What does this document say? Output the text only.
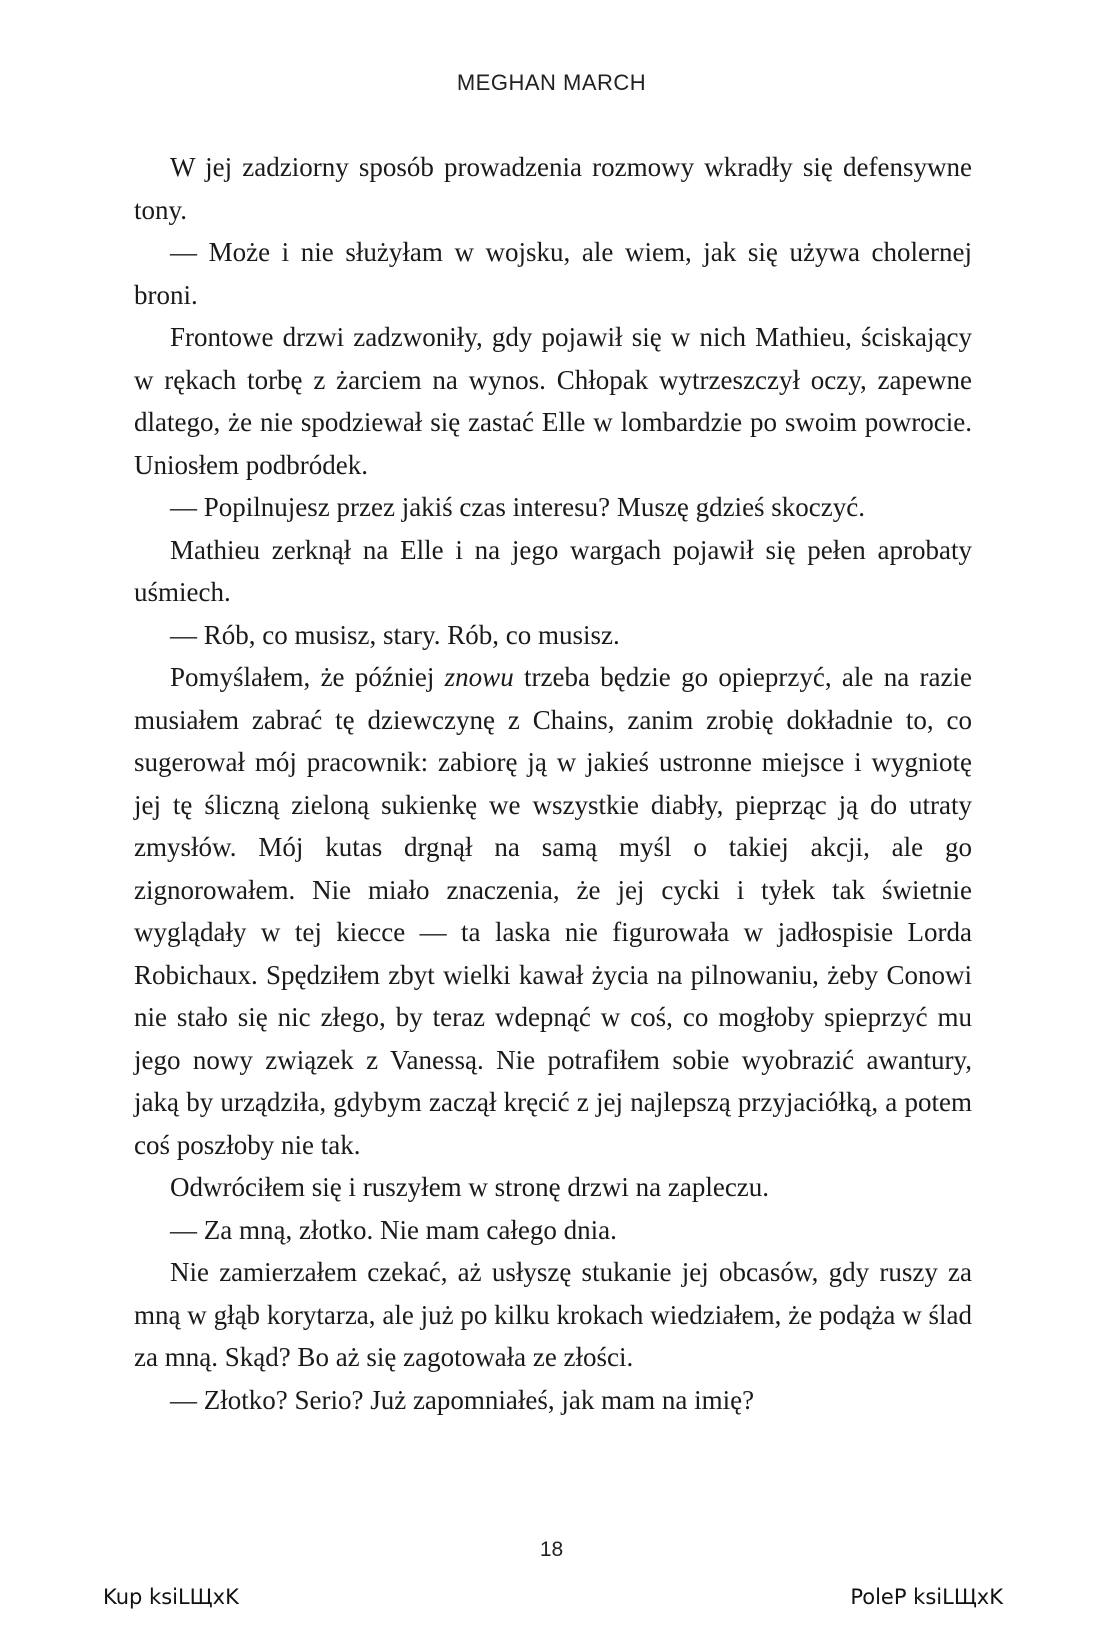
MEGHAN MARCH

W jej zadziorny sposób prowadzenia rozmowy wkradły się defensywne tony.

— Może i nie służyłam w wojsku, ale wiem, jak się używa cholernej broni.

Frontowe drzwi zadzwoniły, gdy pojawił się w nich Mathieu, ściskający w rękach torbę z żarciem na wynos. Chłopak wytrzeszczył oczy, zapewne dlatego, że nie spodziewał się zastać Elle w lombardzie po swoim powrocie. Uniosłem podbródek.

— Popilnujesz przez jakiś czas interesu? Muszę gdzieś skoczyć.

Mathieu zerknął na Elle i na jego wargach pojawił się pełen aprobaty uśmiech.

— Rób, co musisz, stary. Rób, co musisz.

Pomyślałem, że później znowu trzeba będzie go opieprzyć, ale na razie musiałem zabrać tę dziewczynę z Chains, zanim zrobię dokładnie to, co sugerował mój pracownik: zabiorę ją w jakieś ustronne miejsce i wygniotę jej tę śliczną zieloną sukienkę we wszystkie diabły, pieprząc ją do utraty zmysłów. Mój kutas drgnął na samą myśl o takiej akcji, ale go zignorowałem. Nie miało znaczenia, że jej cycki i tyłek tak świetnie wyglądały w tej kiecce — ta laska nie figurowała w jadłospisie Lorda Robichaux. Spędziłem zbyt wielki kawał życia na pilnowaniu, żeby Conowi nie stało się nic złego, by teraz wdepnąć w coś, co mogłoby spieprzyć mu jego nowy związek z Vanessą. Nie potrafiłem sobie wyobrazić awantury, jaką by urządziła, gdybym zaczął kręcić z jej najlepszą przyjaciółką, a potem coś poszłoby nie tak.

Odwróciłem się i ruszyłem w stronę drzwi na zapleczu.

— Za mną, złotko. Nie mam całego dnia.

Nie zamierzałem czekać, aż usłyszę stukanie jej obcasów, gdy ruszy za mną w głąb korytarza, ale już po kilku krokach wiedziałem, że podąża w ślad za mną. Skąd? Bo aż się zagotowała ze złości.

— Złotko? Serio? Już zapomniałeś, jak mam na imię?

18
Kup ksiLЩxK	PoleP ksiLЩxK
